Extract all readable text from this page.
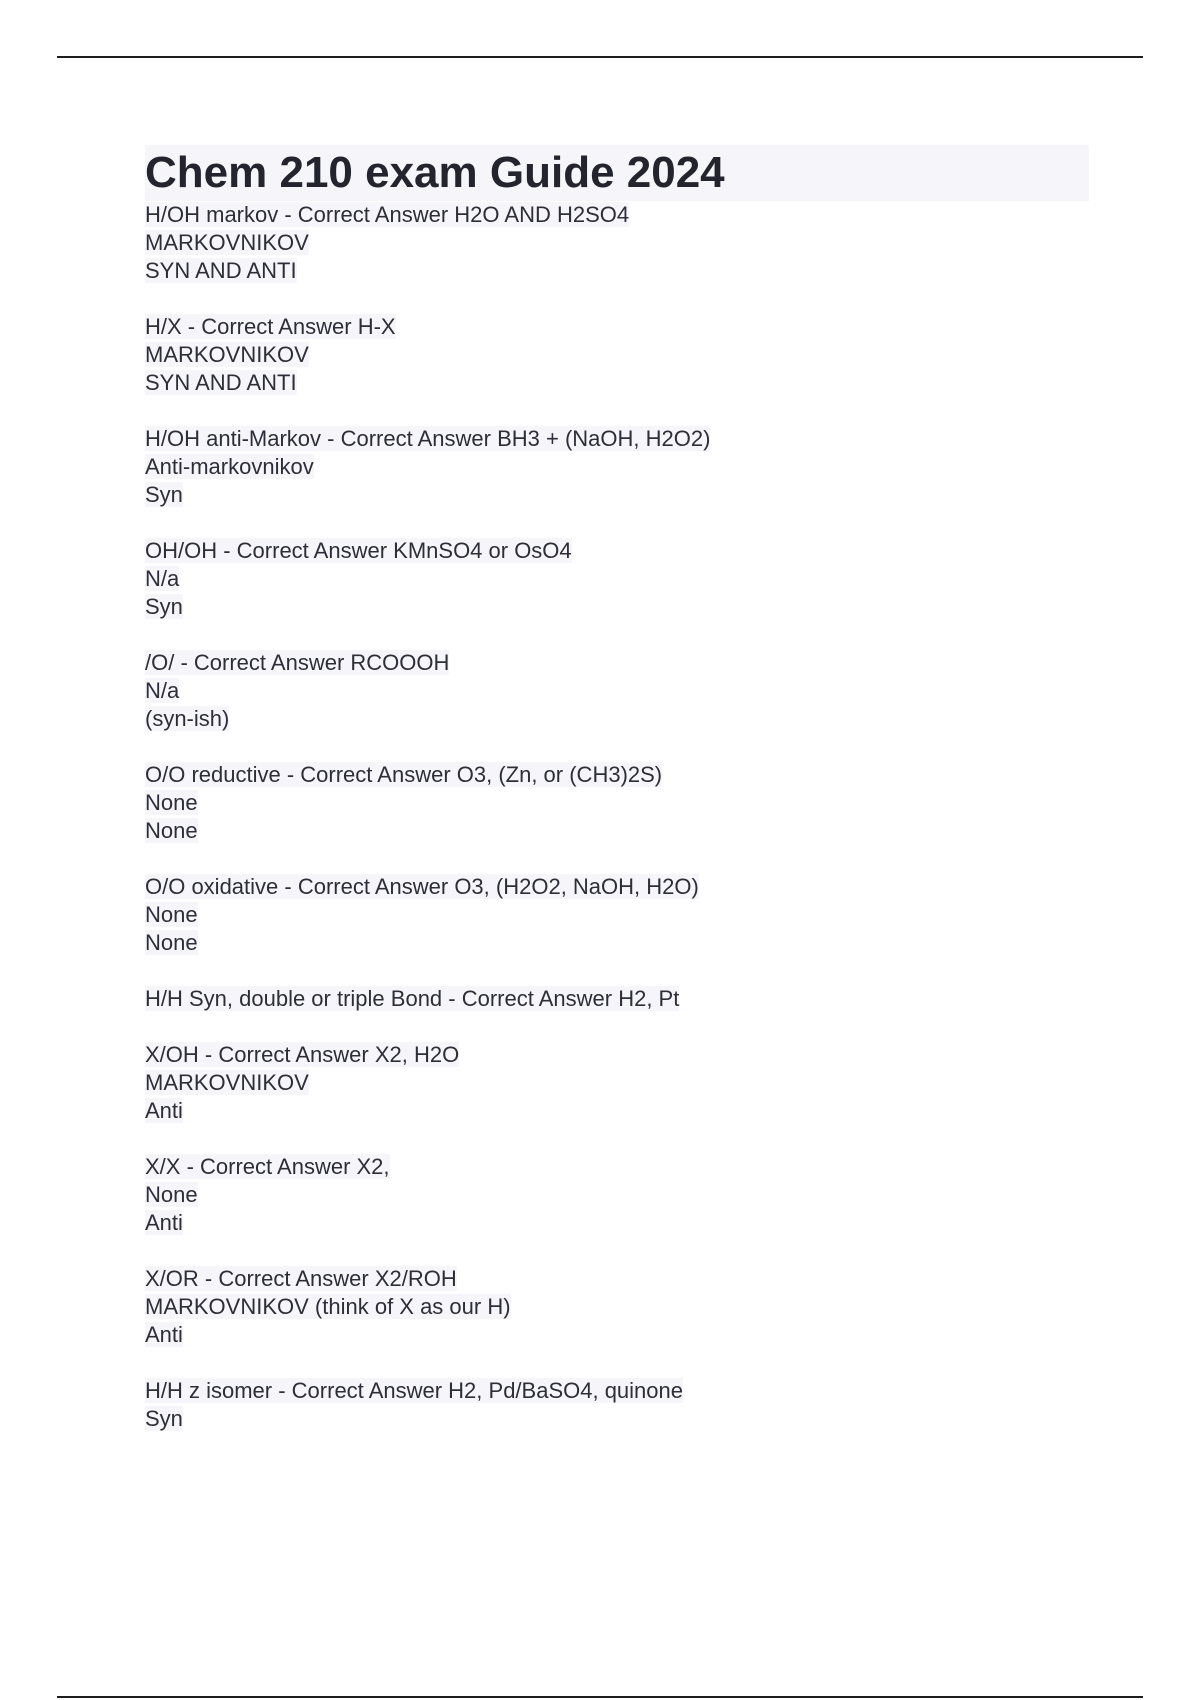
Chem 210 exam Guide 2024
H/OH markov - Correct Answer H2O AND H2SO4
MARKOVNIKOV
SYN AND ANTI
H/X - Correct Answer H-X
MARKOVNIKOV
SYN AND ANTI
H/OH anti-Markov - Correct Answer BH3 + (NaOH, H2O2)
Anti-markovnikov
Syn
OH/OH - Correct Answer KMnSO4 or OsO4
N/a
Syn
/O/ - Correct Answer RCOOOH
N/a
(syn-ish)
O/O reductive - Correct Answer O3, (Zn, or (CH3)2S)
None
None
O/O oxidative - Correct Answer O3, (H2O2, NaOH, H2O)
None
None
H/H Syn, double or triple Bond - Correct Answer H2, Pt
X/OH - Correct Answer X2, H2O
MARKOVNIKOV
Anti
X/X - Correct Answer X2,
None
Anti
X/OR - Correct Answer X2/ROH
MARKOVNIKOV (think of X as our H)
Anti
H/H z isomer - Correct Answer H2, Pd/BaSO4, quinone
Syn
